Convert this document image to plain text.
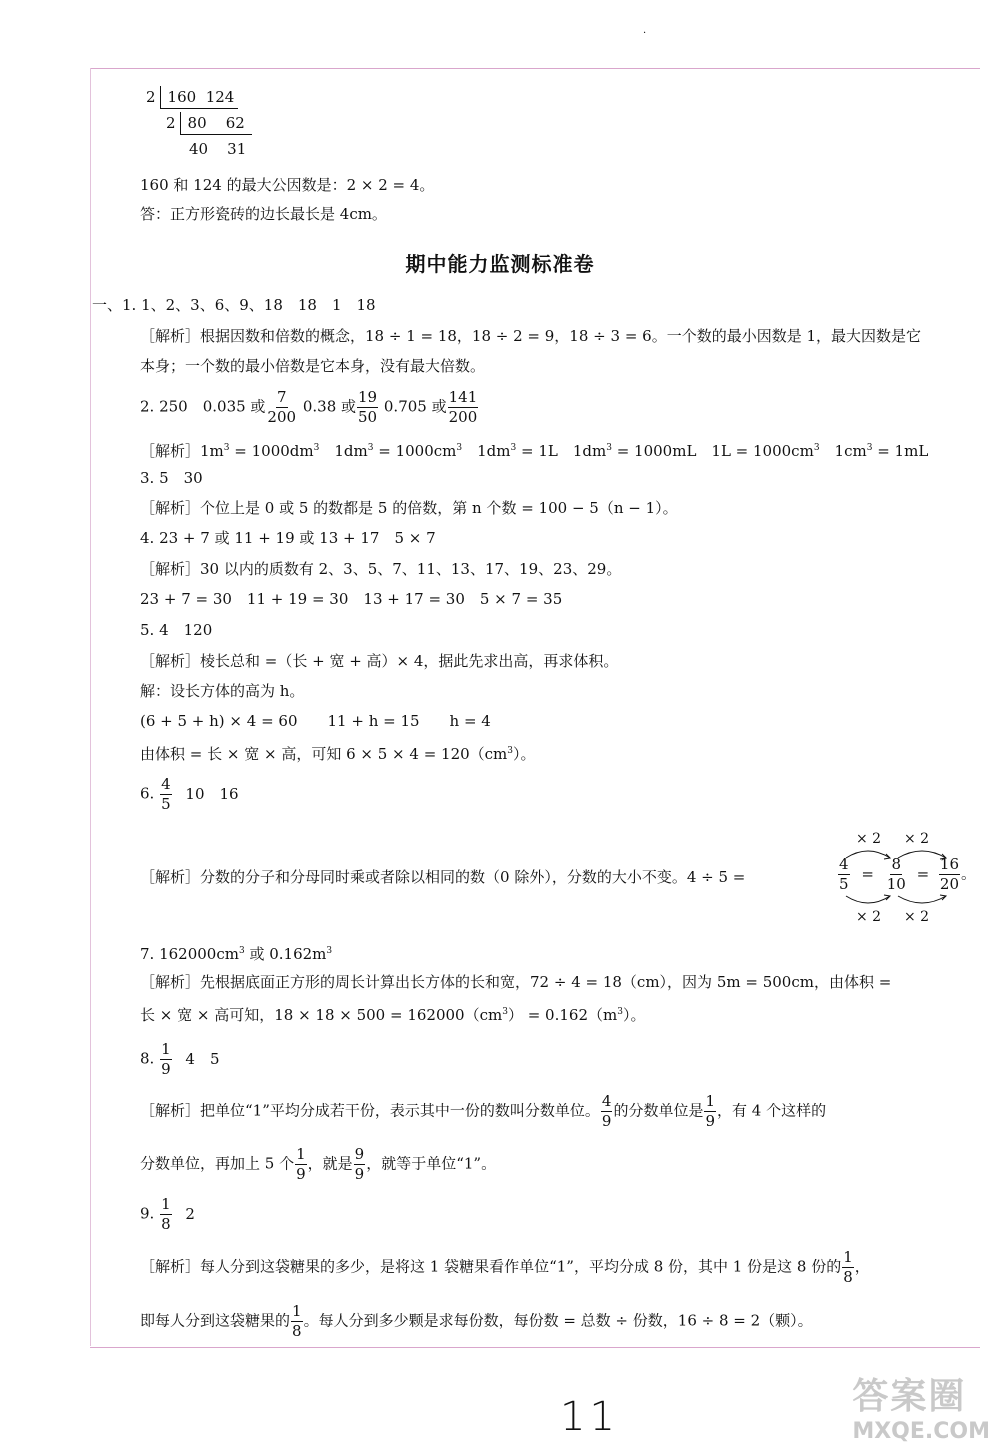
·
2 160  124
2 80    62
40    31
160 和 124 的最大公因数是：2 × 2 = 4。
答：正方形瓷砖的边长最长是 4cm。
期中能力监测标准卷
一、1. 1、2、3、6、9、18　18　1　18
［解析］根据因数和倍数的概念，18 ÷ 1 = 18，18 ÷ 2 = 9，18 ÷ 3 = 6。一个数的最小因数是 1，最大因数是它
本身；一个数的最小倍数是它本身，没有最大倍数。
2. 250　0.035 或 $\frac{7}{200} 0.38$ 或 $\frac{19}{50} 0.705$ 或 $\frac{141}{200}$
［解析$]1m^3 = 1000dm^3$　$1dm^3 = 1000cm^3$　$1dm^3 = 1L$　$1dm^3 = 1000mL$　$1L = 1000cm^3$　$1cm^3 = 1mL$
3. 5　30
［解析］个位上是 0 或 5 的数都是 5 的倍数，第 n 个数 = 100 − 5（n − 1）。
4. 23 + 7 或 11 + 19 或 13 + 17　5 × 7
［解析］30 以内的质数有 2、3、5、7、11、13、17、19、23、29。
23 + 7 = 30　11 + 19 = 30　13 + 17 = 30　5 × 7 = 35
5. 4　120
［解析］棱长总和 =（长 + 宽 + 高）× 4，据此先求出高，再求体积。
解：设长方体的高为 h。
(6 + 5 + h) × 4 = 60　　11 + h = 15　　h = 4
由体积 = 长 × 宽 × 高，可知 $6 \times 5 \times 4 = 120(cm^3)$。
6. $\frac{4}{5} 10$　16
［解析］分数的分子和分母同时乘或者除以相同的数（0 除外），分数的大小不变。4 ÷ 5 =	$\frac{4}{5} = \frac{8}{10} = \frac{16}{20}$ 。
× 2 × 2
× 2 × 2
7. $162000cm^3$ 或 $0.162m^3$
［解析］先根据底面正方形的周长计算出长方体的长和宽，72 ÷ 4 = 18（cm），因为 5m = 500cm，由体积 =
长 × 宽 × 高可知，$18 \times 18 \times 500 = 162000(cm^3) = 0.162(m^3)$。
8. $\frac{1}{9} 4$　5
［解析］把单位“1”平均分成若干份，表示其中一份的数叫分数单位。 $\frac{4}{9}$ 的分数单位是 $\frac{1}{9}$ ，有 4 个这样的
分数单位，再加上 5 个 $\frac{1}{9}$ ，就是 $\frac{9}{9}$ ，就等于单位“1”。
9. $\frac{1}{8} 2$
［解析］每人分到这袋糖果的多少，是将这 1 袋糖果看作单位“1”，平均分成 8 份，其中 1 份是这 8 份的 $\frac{1}{8}$ ，
即每人分到这袋糖果的 $\frac{1}{8}$ 。每人分到多少颗是求每份数，每份数 = 总数 ÷ 份数，16 ÷ 8 = 2（颗）。
11	答案圈
MXQE.COM
